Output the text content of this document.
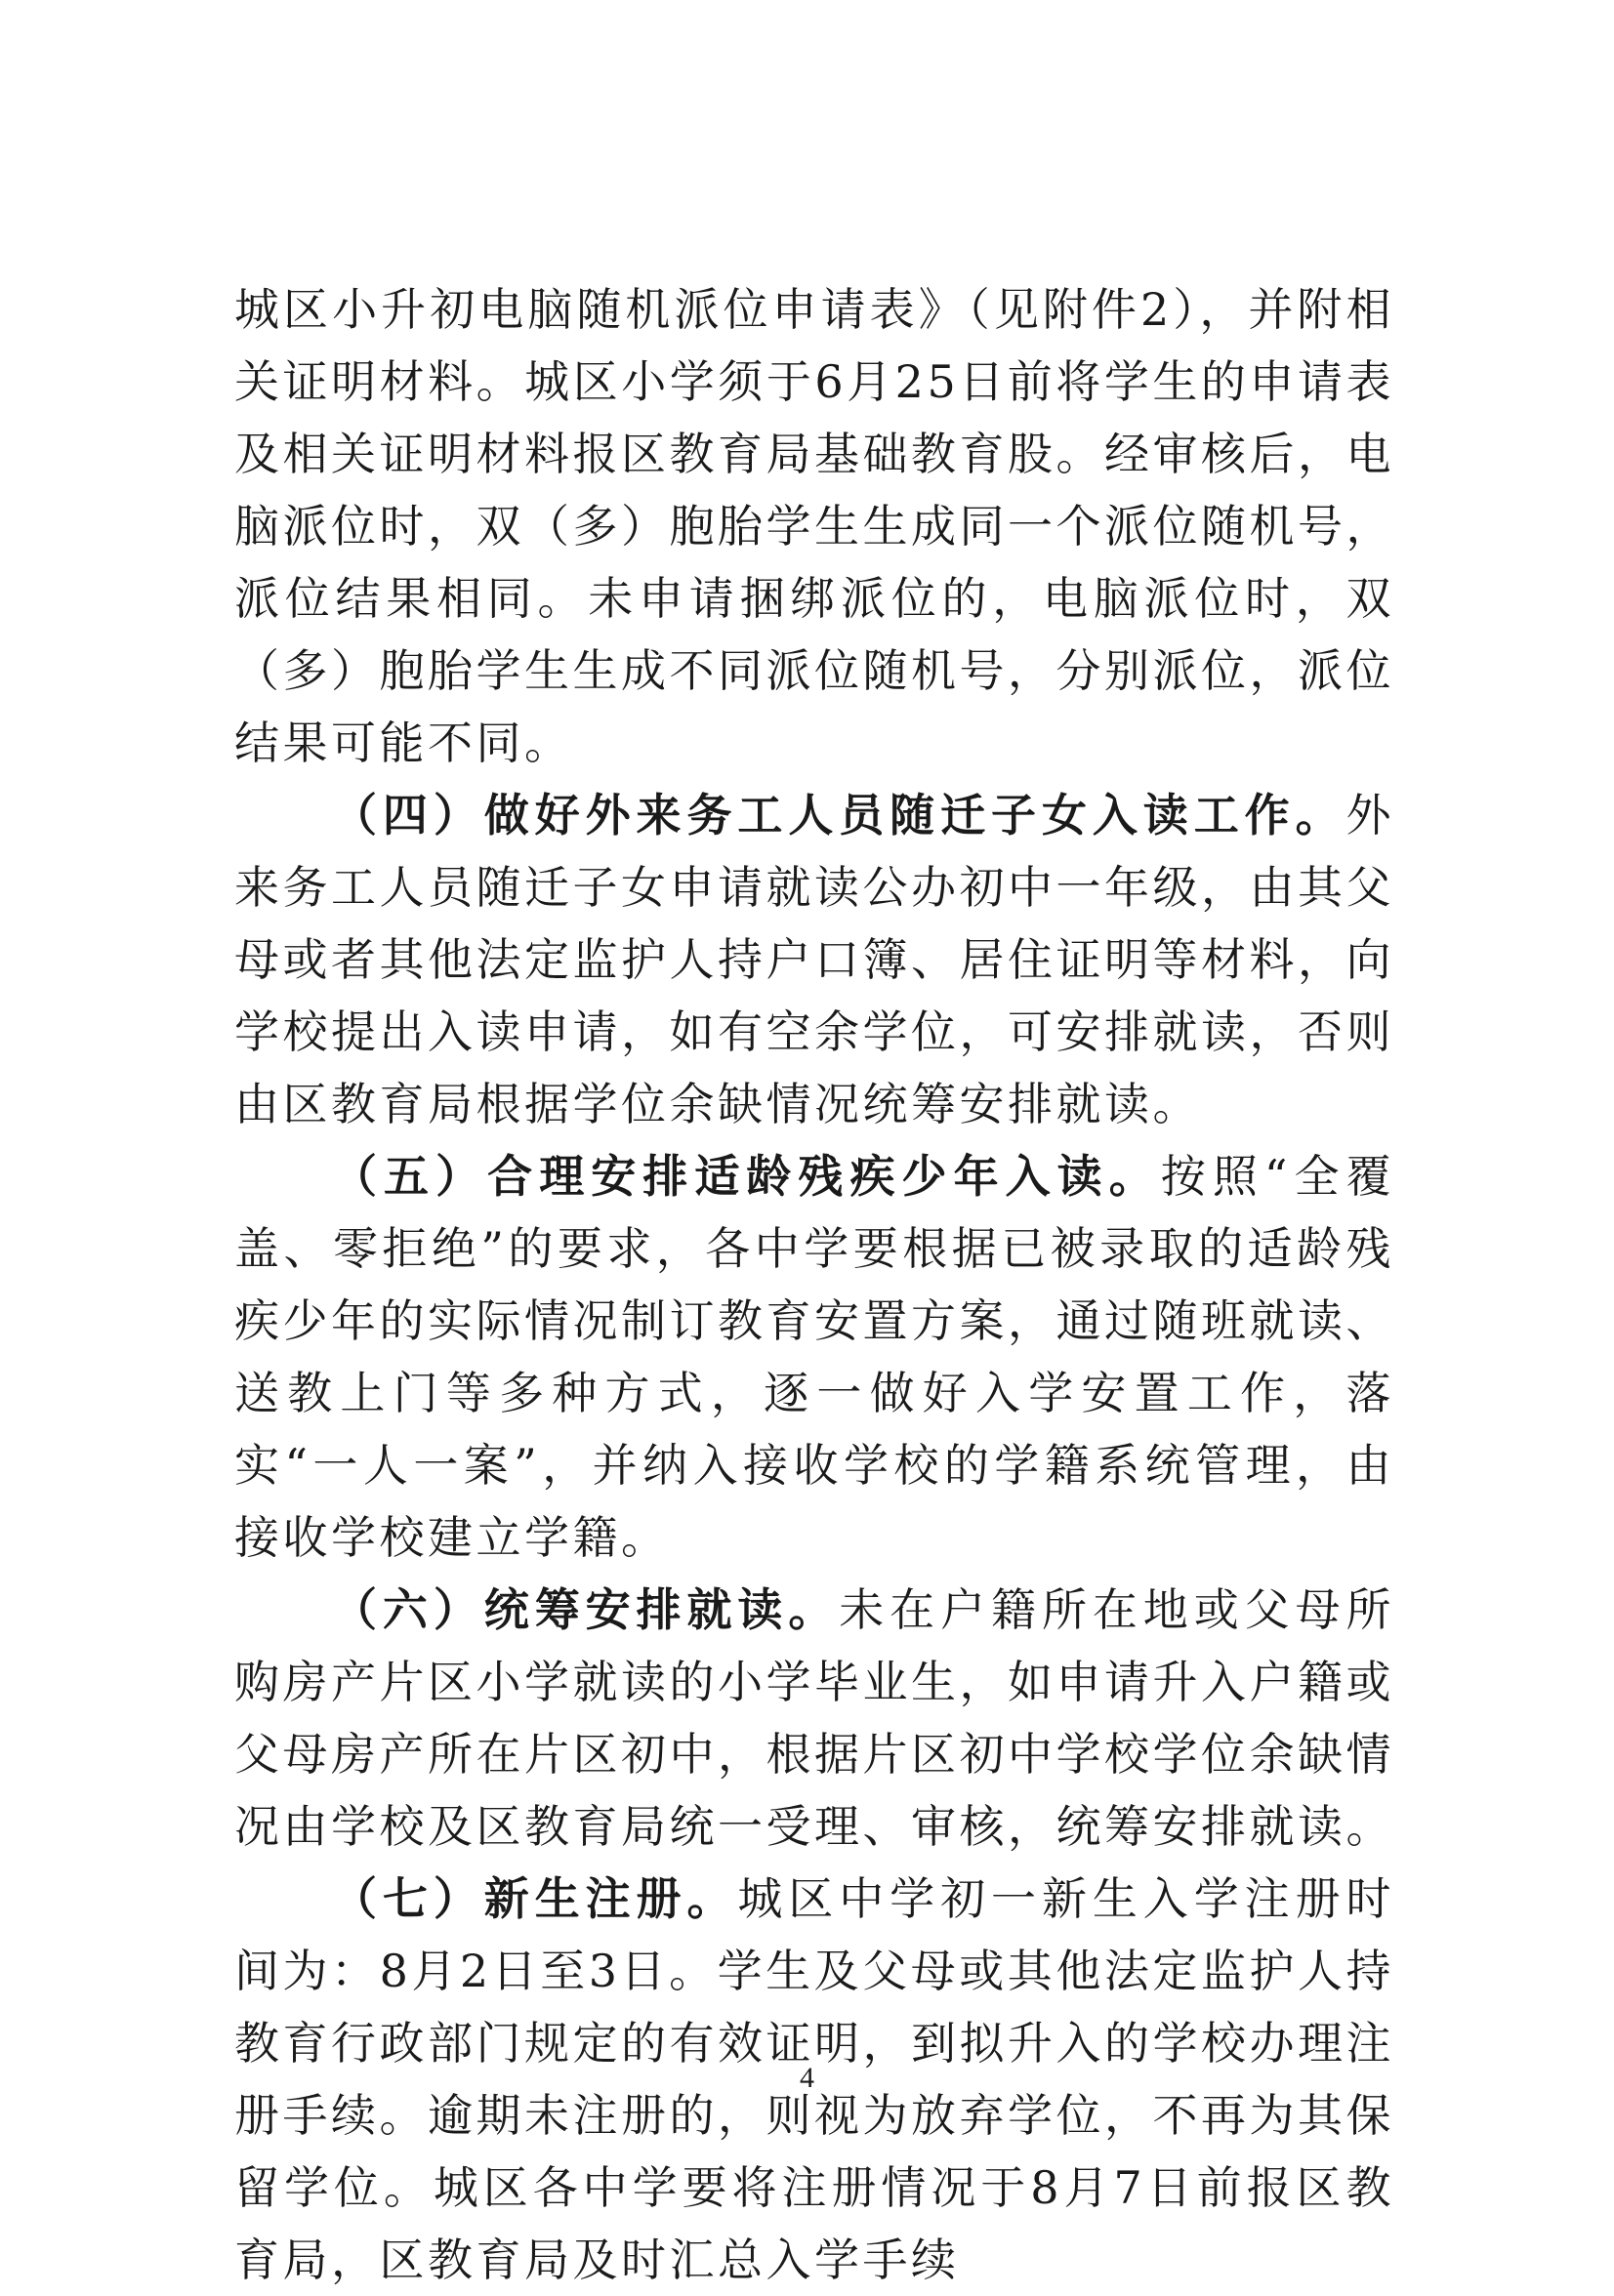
城区小升初电脑随机派位申请表》（见附件2），并附相关证明材料。城区小学须于6月25日前将学生的申请表及相关证明材料报区教育局基础教育股。经审核后，电脑派位时，双（多）胞胎学生生成同一个派位随机号，派位结果相同。未申请捆绑派位的，电脑派位时，双（多）胞胎学生生成不同派位随机号，分别派位，派位结果可能不同。

（四）做好外来务工人员随迁子女入读工作。外来务工人员随迁子女申请就读公办初中一年级，由其父母或者其他法定监护人持户口簿、居住证明等材料，向学校提出入读申请，如有空余学位，可安排就读，否则由区教育局根据学位余缺情况统筹安排就读。

（五）合理安排适龄残疾少年入读。按照“全覆盖、零拒绝”的要求，各中学要根据已被录取的适龄残疾少年的实际情况制订教育安置方案，通过随班就读、送教上门等多种方式，逐一做好入学安置工作，落实“一人一案”，并纳入接收学校的学籍系统管理，由接收学校建立学籍。

（六）统筹安排就读。未在户籍所在地或父母所购房产片区小学就读的小学毕业生，如申请升入户籍或父母房产所在片区初中，根据片区初中学校学位余缺情况由学校及区教育局统一受理、审核，统筹安排就读。

（七）新生注册。城区中学初一新生入学注册时间为：8月2日至3日。学生及父母或其他法定监护人持教育行政部门规定的有效证明，到拟升入的学校办理注册手续。逾期未注册的，则视为放弃学位，不再为其保留学位。城区各中学要将注册情况于8月7日前报区教育局，区教育局及时汇总入学手续

4
